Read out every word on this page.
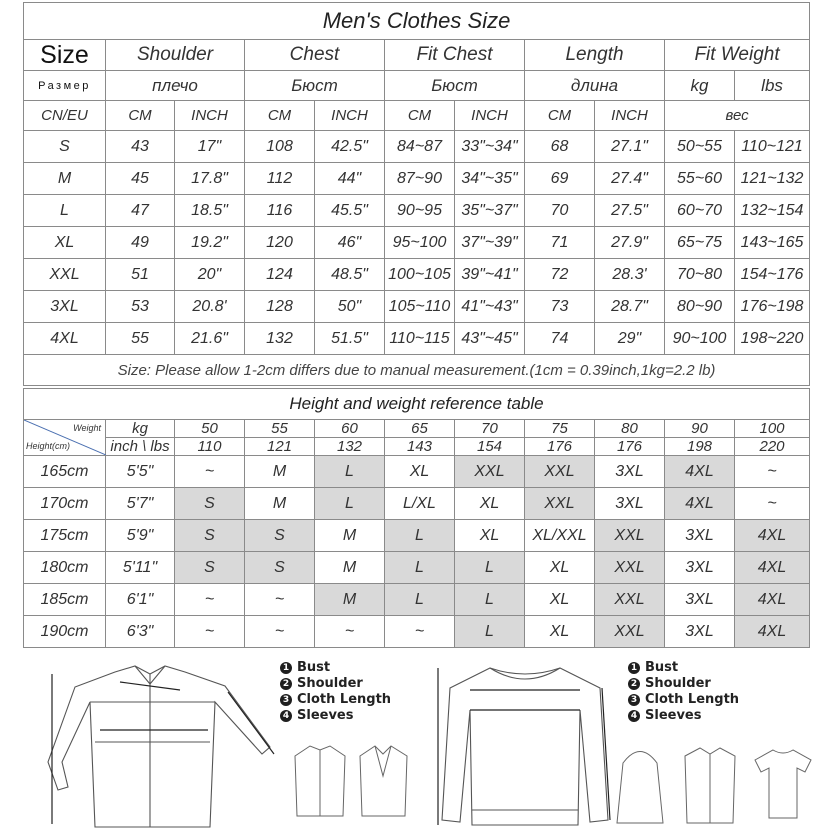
Men's Clothes Size										
Size	Shoulder		Chest		Fit Chest		Length		Fit Weight	
Размер	плечо		Бюст		Бюст		длина		kg	lbs
CN/EU	CM	INCH	CM	INCH	CM	INCH	CM	INCH	вес	
S	43	17"	108	42.5"	84~87	33"~34"	68	27.1"	50~55	110~121
M	45	17.8"	112	44"	87~90	34"~35"	69	27.4"	55~60	121~132
L	47	18.5"	116	45.5"	90~95	35"~37"	70	27.5"	60~70	132~154
XL	49	19.2"	120	46"	95~100	37"~39"	71	27.9"	65~75	143~165
XXL	51	20"	124	48.5"	100~105	39"~41"	72	28.3'	70~80	154~176
3XL	53	20.8'	128	50"	105~110	41"~43"	73	28.7"	80~90	176~198
4XL	55	21.6"	132	51.5"	110~115	43"~45"	74	29"	90~100	198~220
Size: Please allow 1-2cm differs due to manual measurement.(1cm = 0.39inch,1kg=2.2 lb)										
Height and weight reference table										

Weight
Height(cm)	kg	50	55	60	65	70	75	80	90	100
	inch \ lbs	110	121	132	143	154	176	176	198	220
165cm	5'5"	~	M	L	XL	XXL	XXL	3XL	4XL	~
170cm	5'7"	S	M	L	L/XL	XL	XXL	3XL	4XL	~
175cm	5'9"	S	S	M	L	XL	XL/XXL	XXL	3XL	4XL
180cm	5'11"	S	S	M	L	L	XL	XXL	3XL	4XL
185cm	6'1"	~	~	M	L	L	XL	XXL	3XL	4XL
190cm	6'3"	~	~	~	~	L	XL	XXL	3XL	4XL
1 Bust
2 Shoulder
3 Cloth Length
4 Sleeves
1 Bust
2 Shoulder
3 Cloth Length
4 Sleeves
